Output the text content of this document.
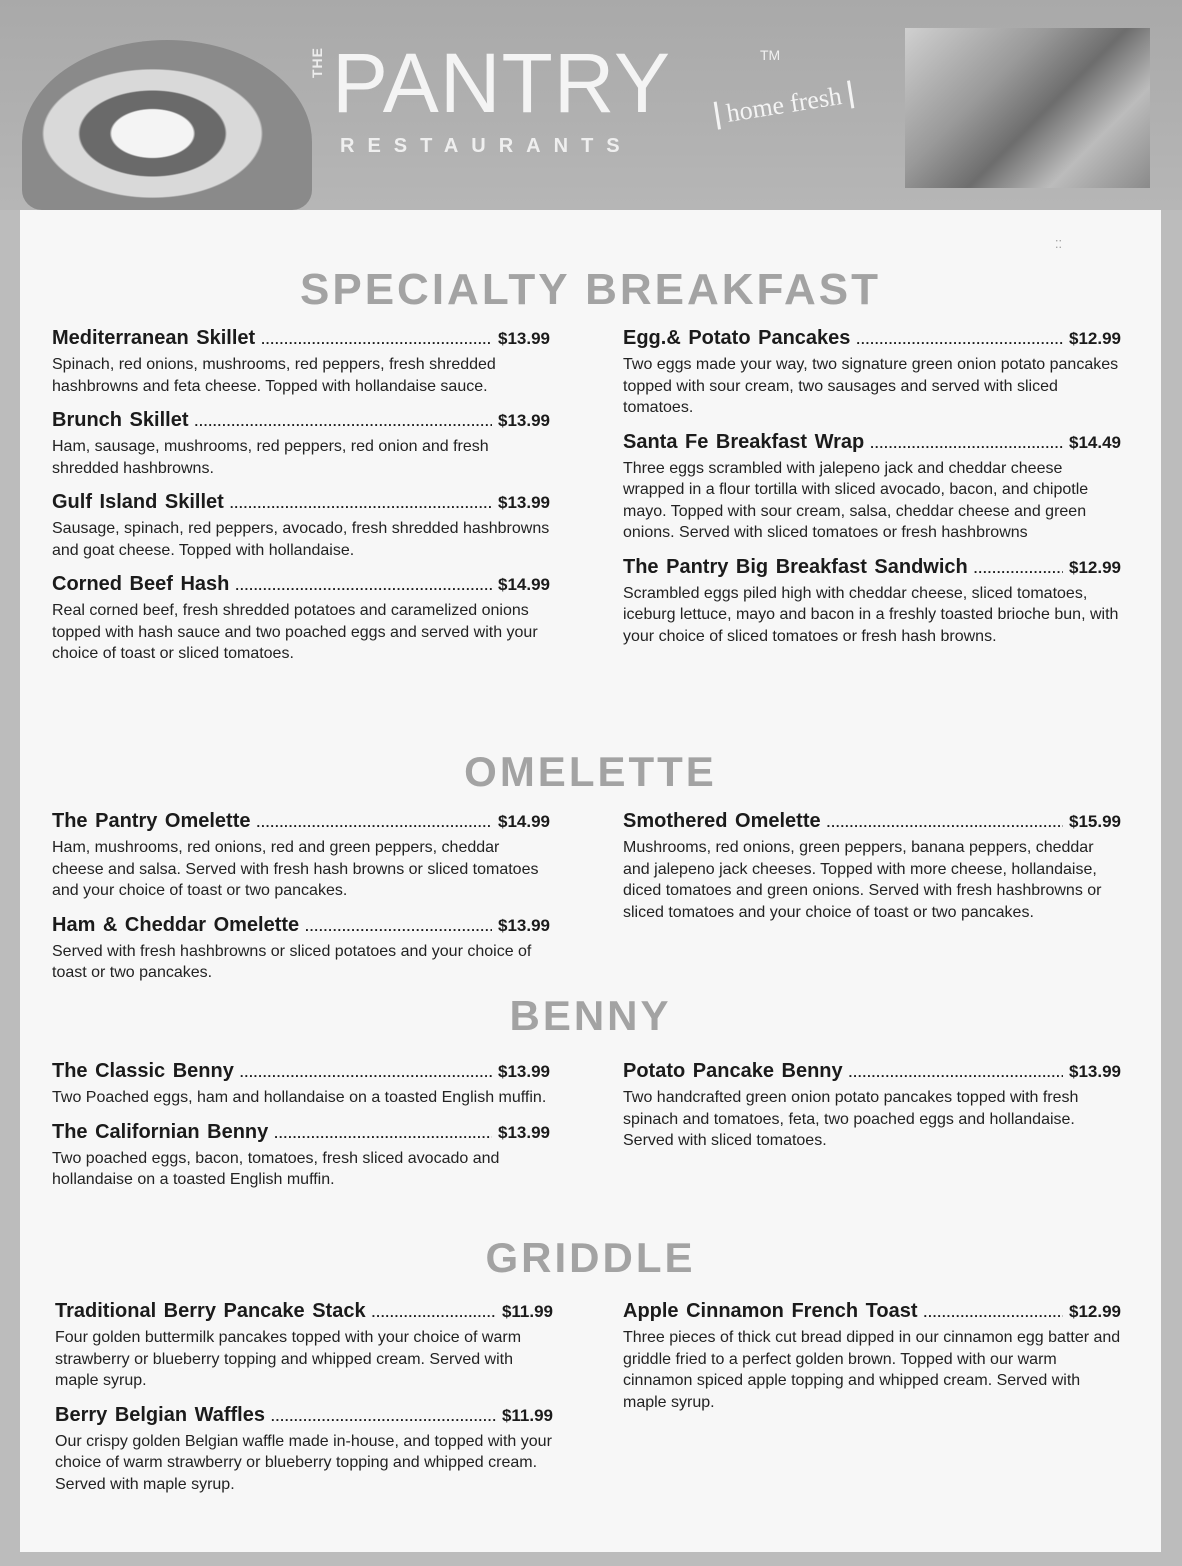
THE PANTRY	TM
RESTAURANTS
home fresh
⁚⁚
SPECIALTY BREAKFAST
Mediterranean Skillet .....	$13.99
Spinach, red onions, mushrooms, red peppers, fresh shredded hashbrowns and feta cheese. Topped with hollandaise sauce.
Brunch Skillet .....	$13.99
Ham, sausage, mushrooms, red peppers, red onion and fresh shredded hashbrowns.
Gulf Island Skillet .....	$13.99
Sausage, spinach, red peppers, avocado, fresh shredded hashbrowns and goat cheese. Topped with hollandaise.
Corned Beef Hash .....	$14.99
Real corned beef, fresh shredded potatoes and caramelized onions topped with hash sauce and two poached eggs and served with your choice of toast or sliced tomatoes.
Egg.& Potato Pancakes .....	$12.99
Two eggs made your way, two signature green onion potato pancakes topped with sour cream, two sausages and served with sliced tomatoes.
Santa Fe Breakfast Wrap .....	$14.49
Three eggs scrambled with jalepeno jack and cheddar cheese wrapped in a flour tortilla with sliced avocado, bacon, and chipotle mayo. Topped with sour cream, salsa, cheddar cheese and green onions. Served with sliced tomatoes or fresh hashbrowns
The Pantry Big Breakfast Sandwich .....	$12.99
Scrambled eggs piled high with cheddar cheese, sliced tomatoes, iceburg lettuce, mayo and bacon in a freshly toasted brioche bun, with your choice of sliced tomatoes or fresh hash browns.
OMELETTE
The Pantry Omelette .....	$14.99
Ham, mushrooms, red onions, red and green peppers, cheddar cheese and salsa. Served with fresh hash browns or sliced tomatoes and your choice of toast or two pancakes.
Ham & Cheddar Omelette .....	$13.99
Served with fresh hashbrowns or sliced potatoes and your choice of toast or two pancakes.
Smothered Omelette .....	$15.99
Mushrooms, red onions, green peppers, banana peppers, cheddar and jalepeno jack cheeses. Topped with more cheese, hollandaise, diced tomatoes and green onions. Served with fresh hashbrowns or sliced tomatoes and your choice of toast or two pancakes.
BENNY
The Classic Benny .....	$13.99
Two Poached eggs, ham and hollandaise on a toasted English muffin.
The Californian Benny .....	$13.99
Two poached eggs, bacon, tomatoes, fresh sliced avocado and hollandaise on a toasted English muffin.
Potato Pancake Benny .....	$13.99
Two handcrafted green onion potato pancakes topped with fresh spinach and tomatoes, feta, two poached eggs and hollandaise. Served with sliced tomatoes.
GRIDDLE
Traditional Berry Pancake Stack .....	$11.99
Four golden buttermilk pancakes topped with your choice of warm strawberry or blueberry topping and whipped cream. Served with maple syrup.
Berry Belgian Waffles .....	$11.99
Our crispy golden Belgian waffle made in-house, and topped with your choice of warm strawberry or blueberry topping and whipped cream. Served with maple syrup.
Apple Cinnamon French Toast .....	$12.99
Three pieces of thick cut bread dipped in our cinnamon egg batter and griddle fried to a perfect golden brown. Topped with our warm cinnamon spiced apple topping and whipped cream. Served with maple syrup.
